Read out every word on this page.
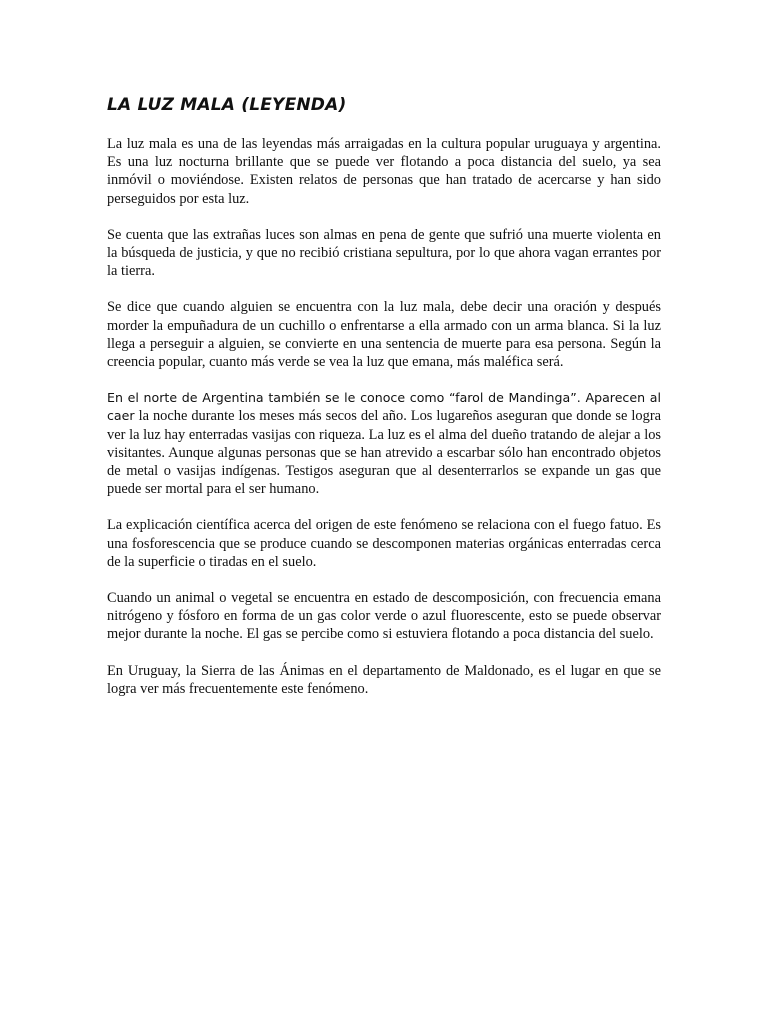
LA LUZ MALA (LEYENDA)

La luz mala es una de las leyendas más arraigadas en la cultura popular uruguaya y argentina. Es una luz nocturna brillante que se puede ver flotando a poca distancia del suelo, ya sea inmóvil o moviéndose. Existen relatos de personas que han tratado de acercarse y han sido perseguidos por esta luz.

Se cuenta que las extrañas luces son almas en pena de gente que sufrió una muerte violenta en la búsqueda de justicia, y que no recibió cristiana sepultura, por lo que ahora vagan errantes por la tierra.

Se dice que cuando alguien se encuentra con la luz mala, debe decir una oración y después morder la empuñadura de un cuchillo o enfrentarse a ella armado con un arma blanca. Si la luz llega a perseguir a alguien, se convierte en una sentencia de muerte para esa persona. Según la creencia popular, cuanto más verde se vea la luz que emana, más maléfica será.

En el norte de Argentina también se le conoce como “farol de Mandinga”. Aparecen al caer la noche durante los meses más secos del año. Los lugareños aseguran que donde se logra ver la luz hay enterradas vasijas con riqueza. La luz es el alma del dueño tratando de alejar a los visitantes. Aunque algunas personas que se han atrevido a escarbar sólo han encontrado objetos de metal o vasijas indígenas. Testigos aseguran que al desenterrarlos se expande un gas que puede ser mortal para el ser humano.

La explicación científica acerca del origen de este fenómeno se relaciona con el fuego fatuo. Es una fosforescencia que se produce cuando se descomponen materias orgánicas enterradas cerca de la superficie o tiradas en el suelo.

Cuando un animal o vegetal se encuentra en estado de descomposición, con frecuencia emana nitrógeno y fósforo en forma de un gas color verde o azul fluorescente, esto se puede observar mejor durante la noche. El gas se percibe como si estuviera flotando a poca distancia del suelo.

En Uruguay, la Sierra de las Ánimas en el departamento de Maldonado, es el lugar en que se logra ver más frecuentemente este fenómeno.
